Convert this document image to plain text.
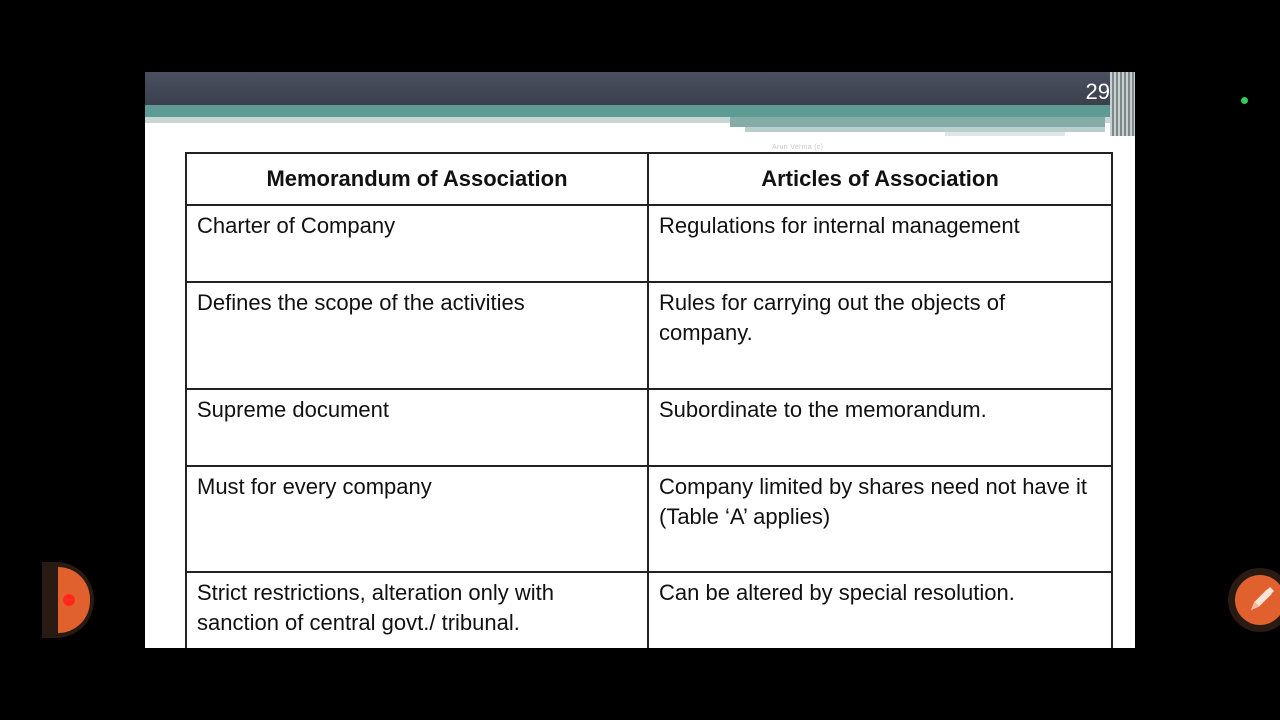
29
Arun Verma (c)
Memorandum of Association	Articles of Association
Charter of Company	Regulations for internal management
Defines the scope of the activities	Rules for carrying out the objects of company.
Supreme document	Subordinate to the memorandum.
Must for every company	Company limited by shares need not have it (Table ‘A’ applies)
Strict restrictions, alteration only with sanction of central govt./ tribunal.	Can be altered by special resolution.
